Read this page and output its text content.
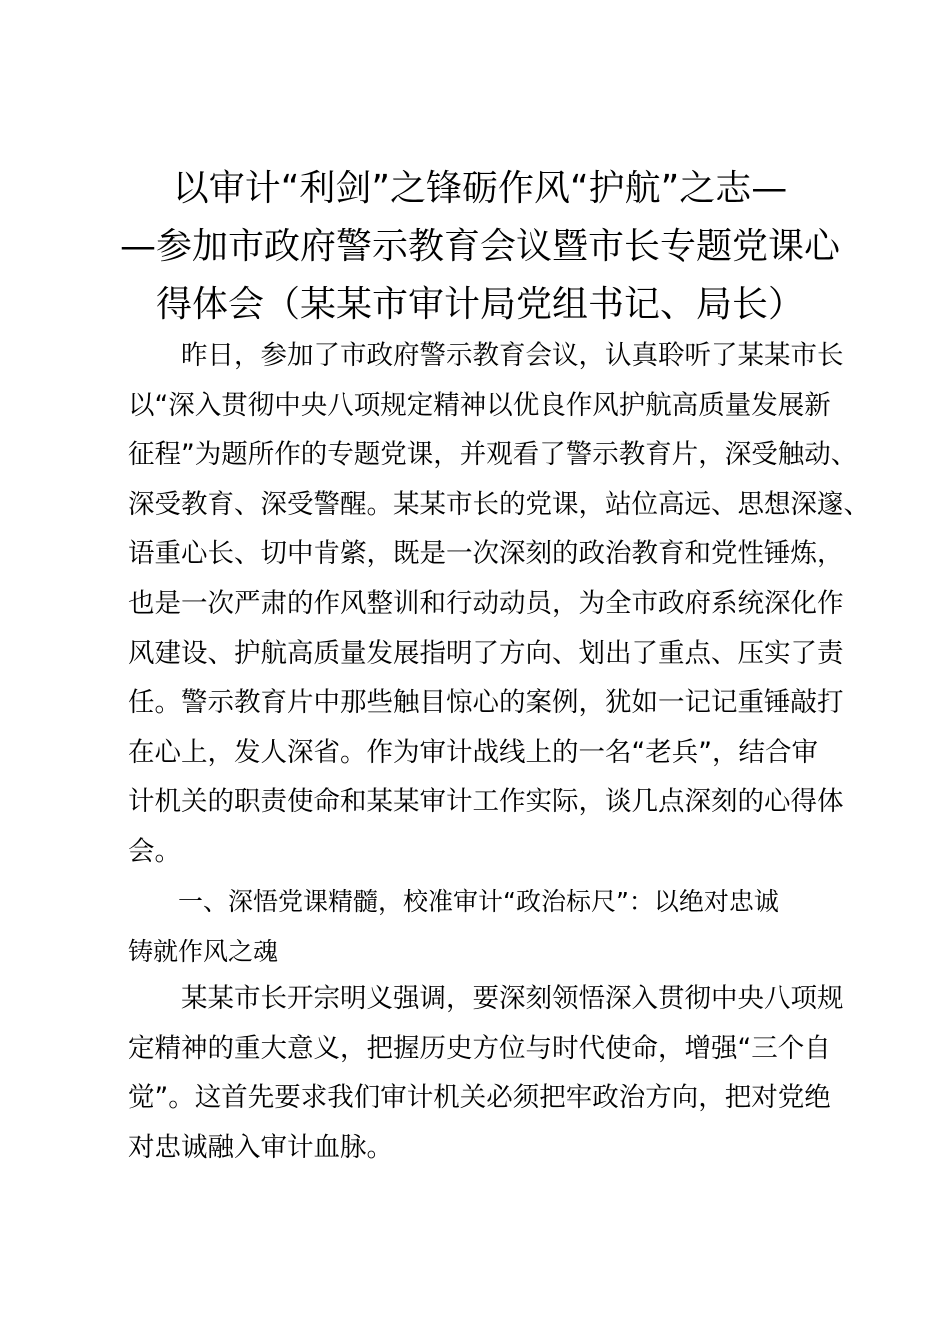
以审计“利剑”之锋砺作风“护航”之志—
—参加市政府警示教育会议暨市长专题党课心
得体会（某某市审计局党组书记、局长）

昨日，参加了市政府警示教育会议，认真聆听了某某市长
以“深入贯彻中央八项规定精神以优良作风护航高质量发展新
征程”为题所作的专题党课，并观看了警示教育片，深受触动、
深受教育、深受警醒。某某市长的党课，站位高远、思想深邃、
语重心长、切中肯綮，既是一次深刻的政治教育和党性锤炼，
也是一次严肃的作风整训和行动动员，为全市政府系统深化作
风建设、护航高质量发展指明了方向、划出了重点、压实了责
任。警示教育片中那些触目惊心的案例，犹如一记记重锤敲打
在心上，发人深省。作为审计战线上的一名“老兵”，结合审
计机关的职责使命和某某审计工作实际，谈几点深刻的心得体
会。

一、深悟党课精髓，校准审计“政治标尺”：以绝对忠诚
铸就作风之魂

某某市长开宗明义强调，要深刻领悟深入贯彻中央八项规
定精神的重大意义，把握历史方位与时代使命，增强“三个自
觉”。这首先要求我们审计机关必须把牢政治方向，把对党绝
对忠诚融入审计血脉。
